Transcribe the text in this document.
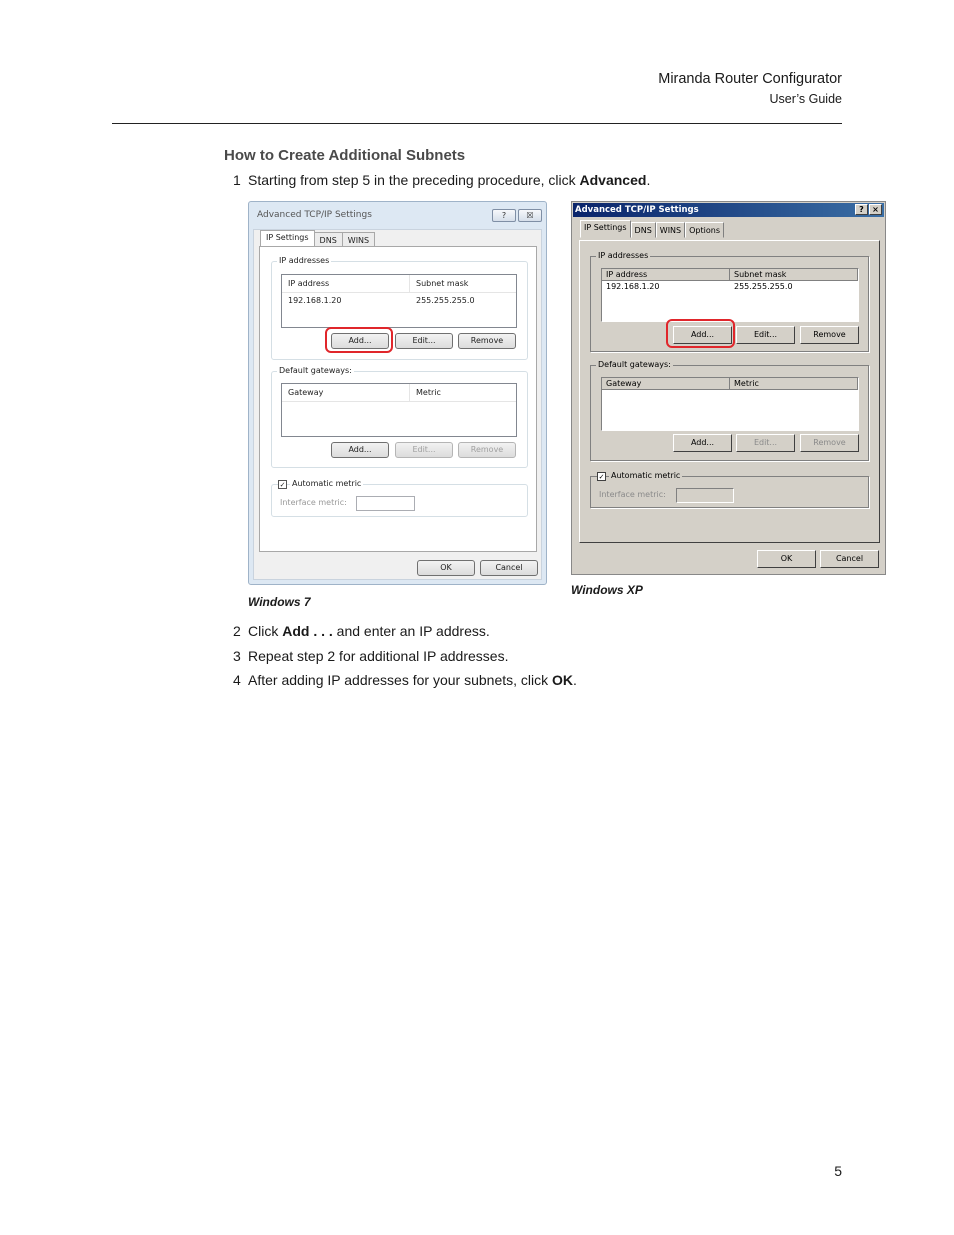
Miranda Router Configurator
User’s Guide
How to Create Additional Subnets
1 Starting from step 5 in the preceding procedure, click Advanced.
Advanced TCP/IP Settings	?	☒
IP Settings	DNS	WINS
IP addresses
IP address	Subnet mask
192.168.1.20	255.255.255.0
Add...	Edit...	Remove
Default gateways:
Gateway	Metric
Add...	Edit...	Remove
✓ Automatic metric
Interface metric:
OK	Cancel
Advanced TCP/IP Settings	?	×
IP Settings	DNS	WINS	Options
IP addresses
IP address	Subnet mask
192.168.1.20	255.255.255.0
Add...	Edit...	Remove
Default gateways:
Gateway	Metric
Add...	Edit...	Remove
✓ Automatic metric
Interface metric:
OK	Cancel
Windows XP
Windows 7
2 Click Add . . . and enter an IP address.
3 Repeat step 2 for additional IP addresses.
4 After adding IP addresses for your subnets, click OK.
5
